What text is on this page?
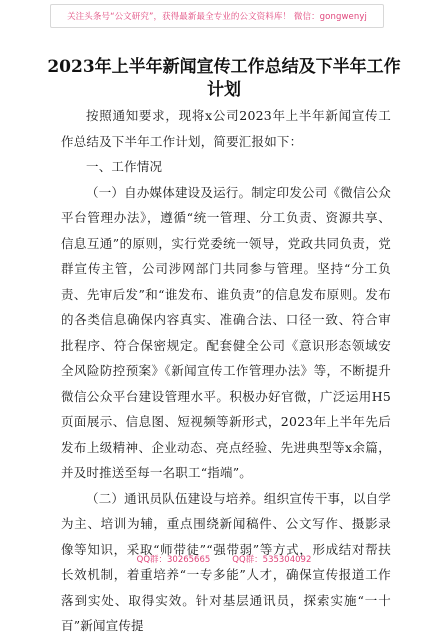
关注头条号“公文研究”，获得最新最全专业的公文资料库！ 微信：gongwenyj
2023年上半年新闻宣传工作总结及下半年工作计划

按照通知要求，现将x公司2023年上半年新闻宣传工作总结及下半年工作计划，简要汇报如下：

一、工作情况

（一）自办媒体建设及运行。制定印发公司《微信公众平台管理办法》，遵循“统一管理、分工负责、资源共享、信息互通”的原则，实行党委统一领导，党政共同负责，党群宣传主管，公司涉网部门共同参与管理。坚持“分工负责、先审后发”和“谁发布、谁负责”的信息发布原则。发布的各类信息确保内容真实、准确合法、口径一致、符合审批程序、符合保密规定。配套健全公司《意识形态领域安全风险防控预案》《新闻宣传工作管理办法》等，不断提升微信公众平台建设管理水平。积极办好官微，广泛运用H5页面展示、信息图、短视频等新形式，2023年上半年先后发布上级精神、企业动态、亮点经验、先进典型等x余篇，并及时推送至每一名职工“指端”。

（二）通讯员队伍建设与培养。组织宣传干事，以自学为主、培训为辅，重点围绕新闻稿件、公文写作、摄影录像等知识，采取“师带徒”“强带弱”等方式，形成结对帮扶长效机制，着重培养“一专多能”人才，确保宣传报道工作落到实处、取得实效。针对基层通讯员，探索实施“一十百”新闻宣传提

QQ群：30265665	QQ群：535304092
